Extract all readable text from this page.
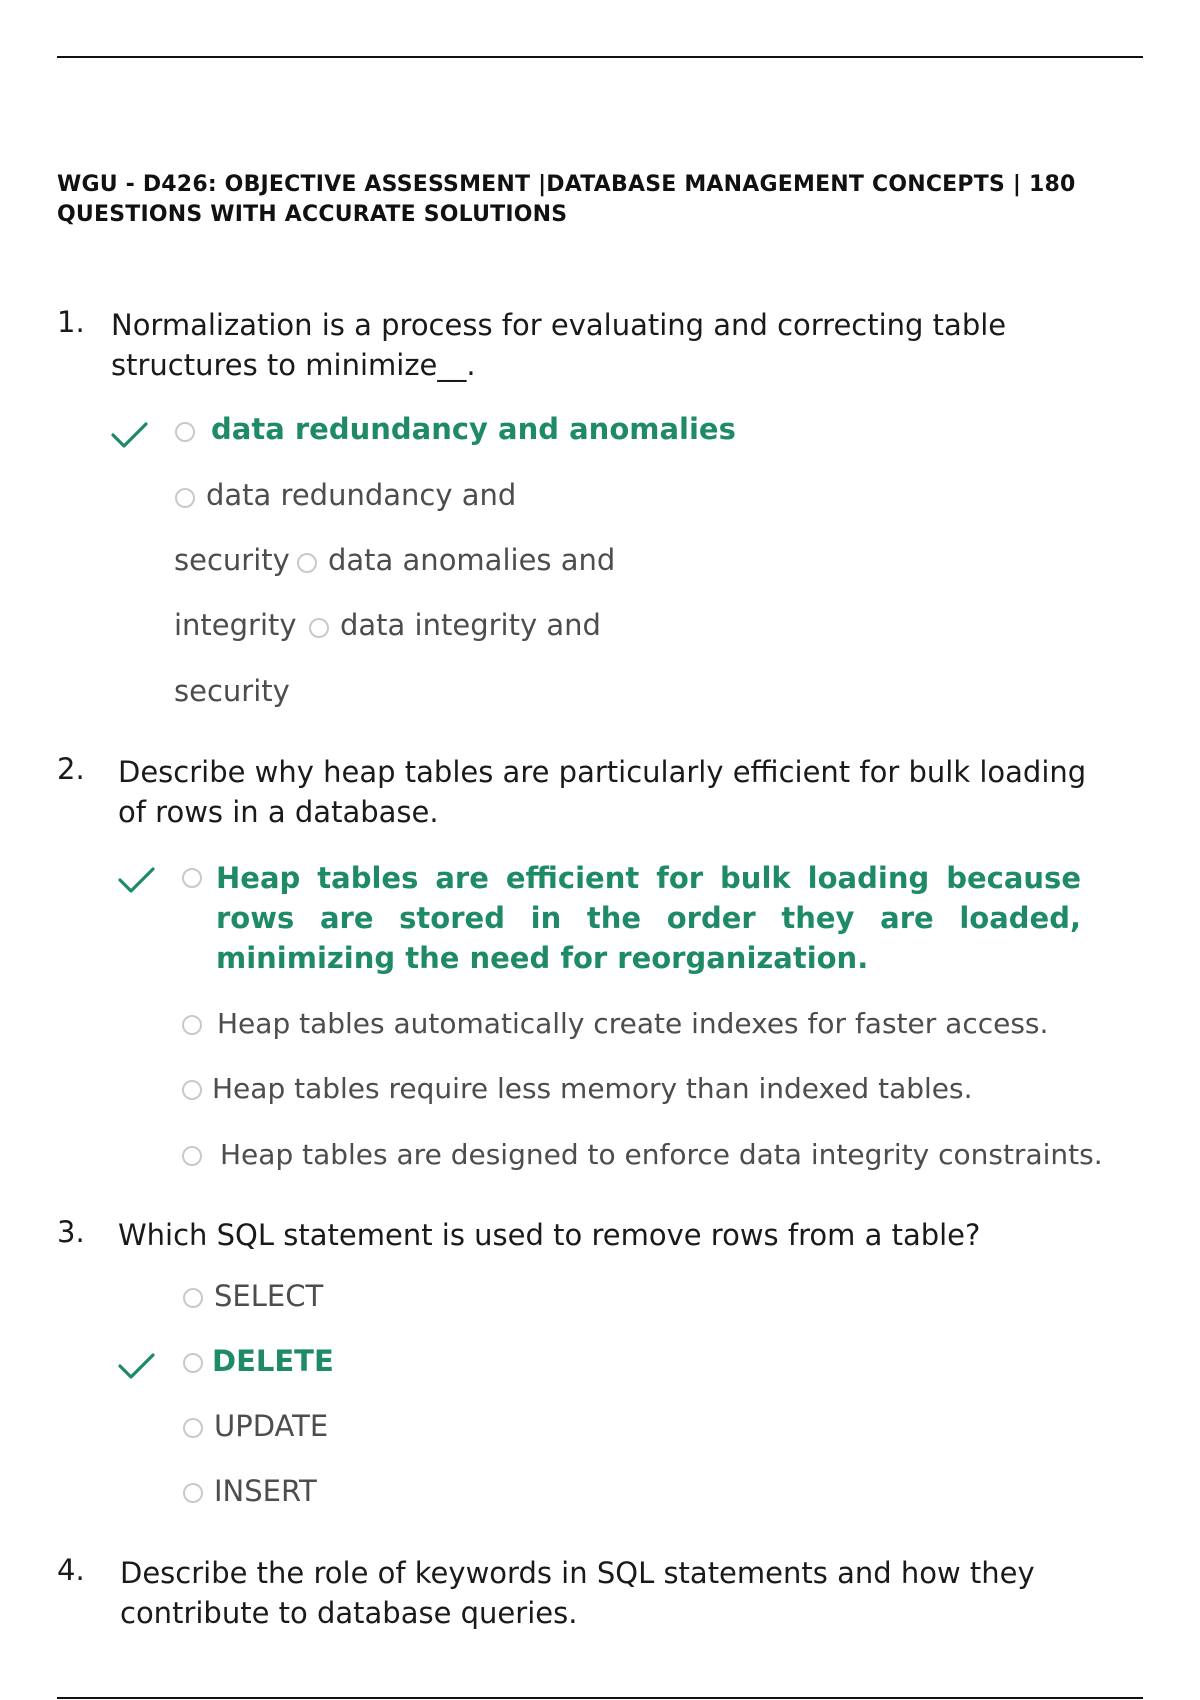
WGU - D426: OBJECTIVE ASSESSMENT |DATABASE MANAGEMENT CONCEPTS | 180 QUESTIONS WITH ACCURATE SOLUTIONS
1. Normalization is a process for evaluating and correcting table structures to minimize__.
data redundancy and anomalies
data redundancy and
security data anomalies and
integrity data integrity and
security
2. Describe why heap tables are particularly efficient for bulk loading of rows in a database.
Heap tables are efficient for bulk loading because rows are stored in the order they are loaded, minimizing the need for reorganization.
Heap tables automatically create indexes for faster access.
Heap tables require less memory than indexed tables.
Heap tables are designed to enforce data integrity constraints.
3. Which SQL statement is used to remove rows from a table?
SELECT
DELETE
UPDATE
INSERT
4. Describe the role of keywords in SQL statements and how they contribute to database queries.
